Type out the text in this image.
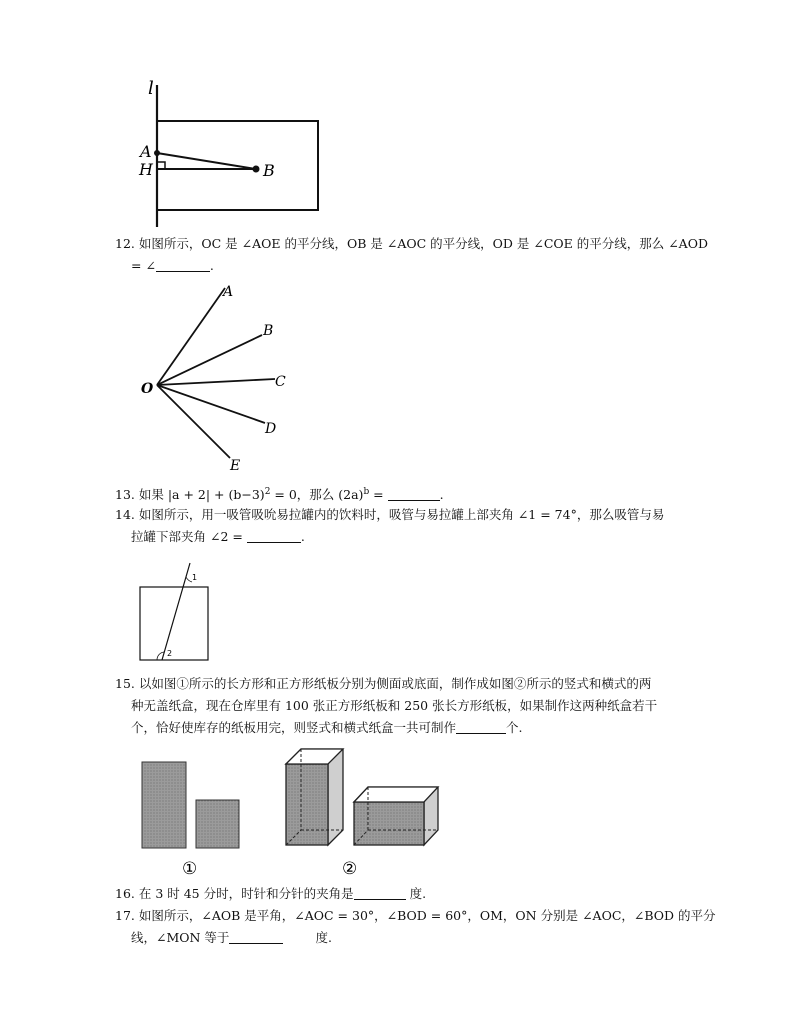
l
A
H	B
12. 如图所示，OC 是 ∠AOE 的平分线，OB 是 ∠AOC 的平分线，OD 是 ∠COE 的平分线，那么 ∠AOD
= ∠	.
A
B
C
D
E
O
13. 如果 $|a + 2| + (b-3)^2 = 0$，那么 $(2a)^b$ =	.
14. 如图所示，用一吸管吸吮易拉罐内的饮料时，吸管与易拉罐上部夹角 ∠1 = 74°，那么吸管与易
拉罐下部夹角 ∠2 =	.
1
2
15. 以如图①所示的长方形和正方形纸板分别为侧面或底面，制作成如图②所示的竖式和横式的两
种无盖纸盒，现在仓库里有 100 张正方形纸板和 250 张长方形纸板，如果制作这两种纸盒若干
个，恰好使库存的纸板用完，则竖式和横式纸盒一共可制作	个.
①	②
16. 在 3 时 45 分时，时针和分针的夹角是	度.
17. 如图所示，∠AOB 是平角，∠AOC = 30°，∠BOD = 60°，OM，ON 分别是 ∠AOC，∠BOD 的平分
线，∠MON 等于	度.
